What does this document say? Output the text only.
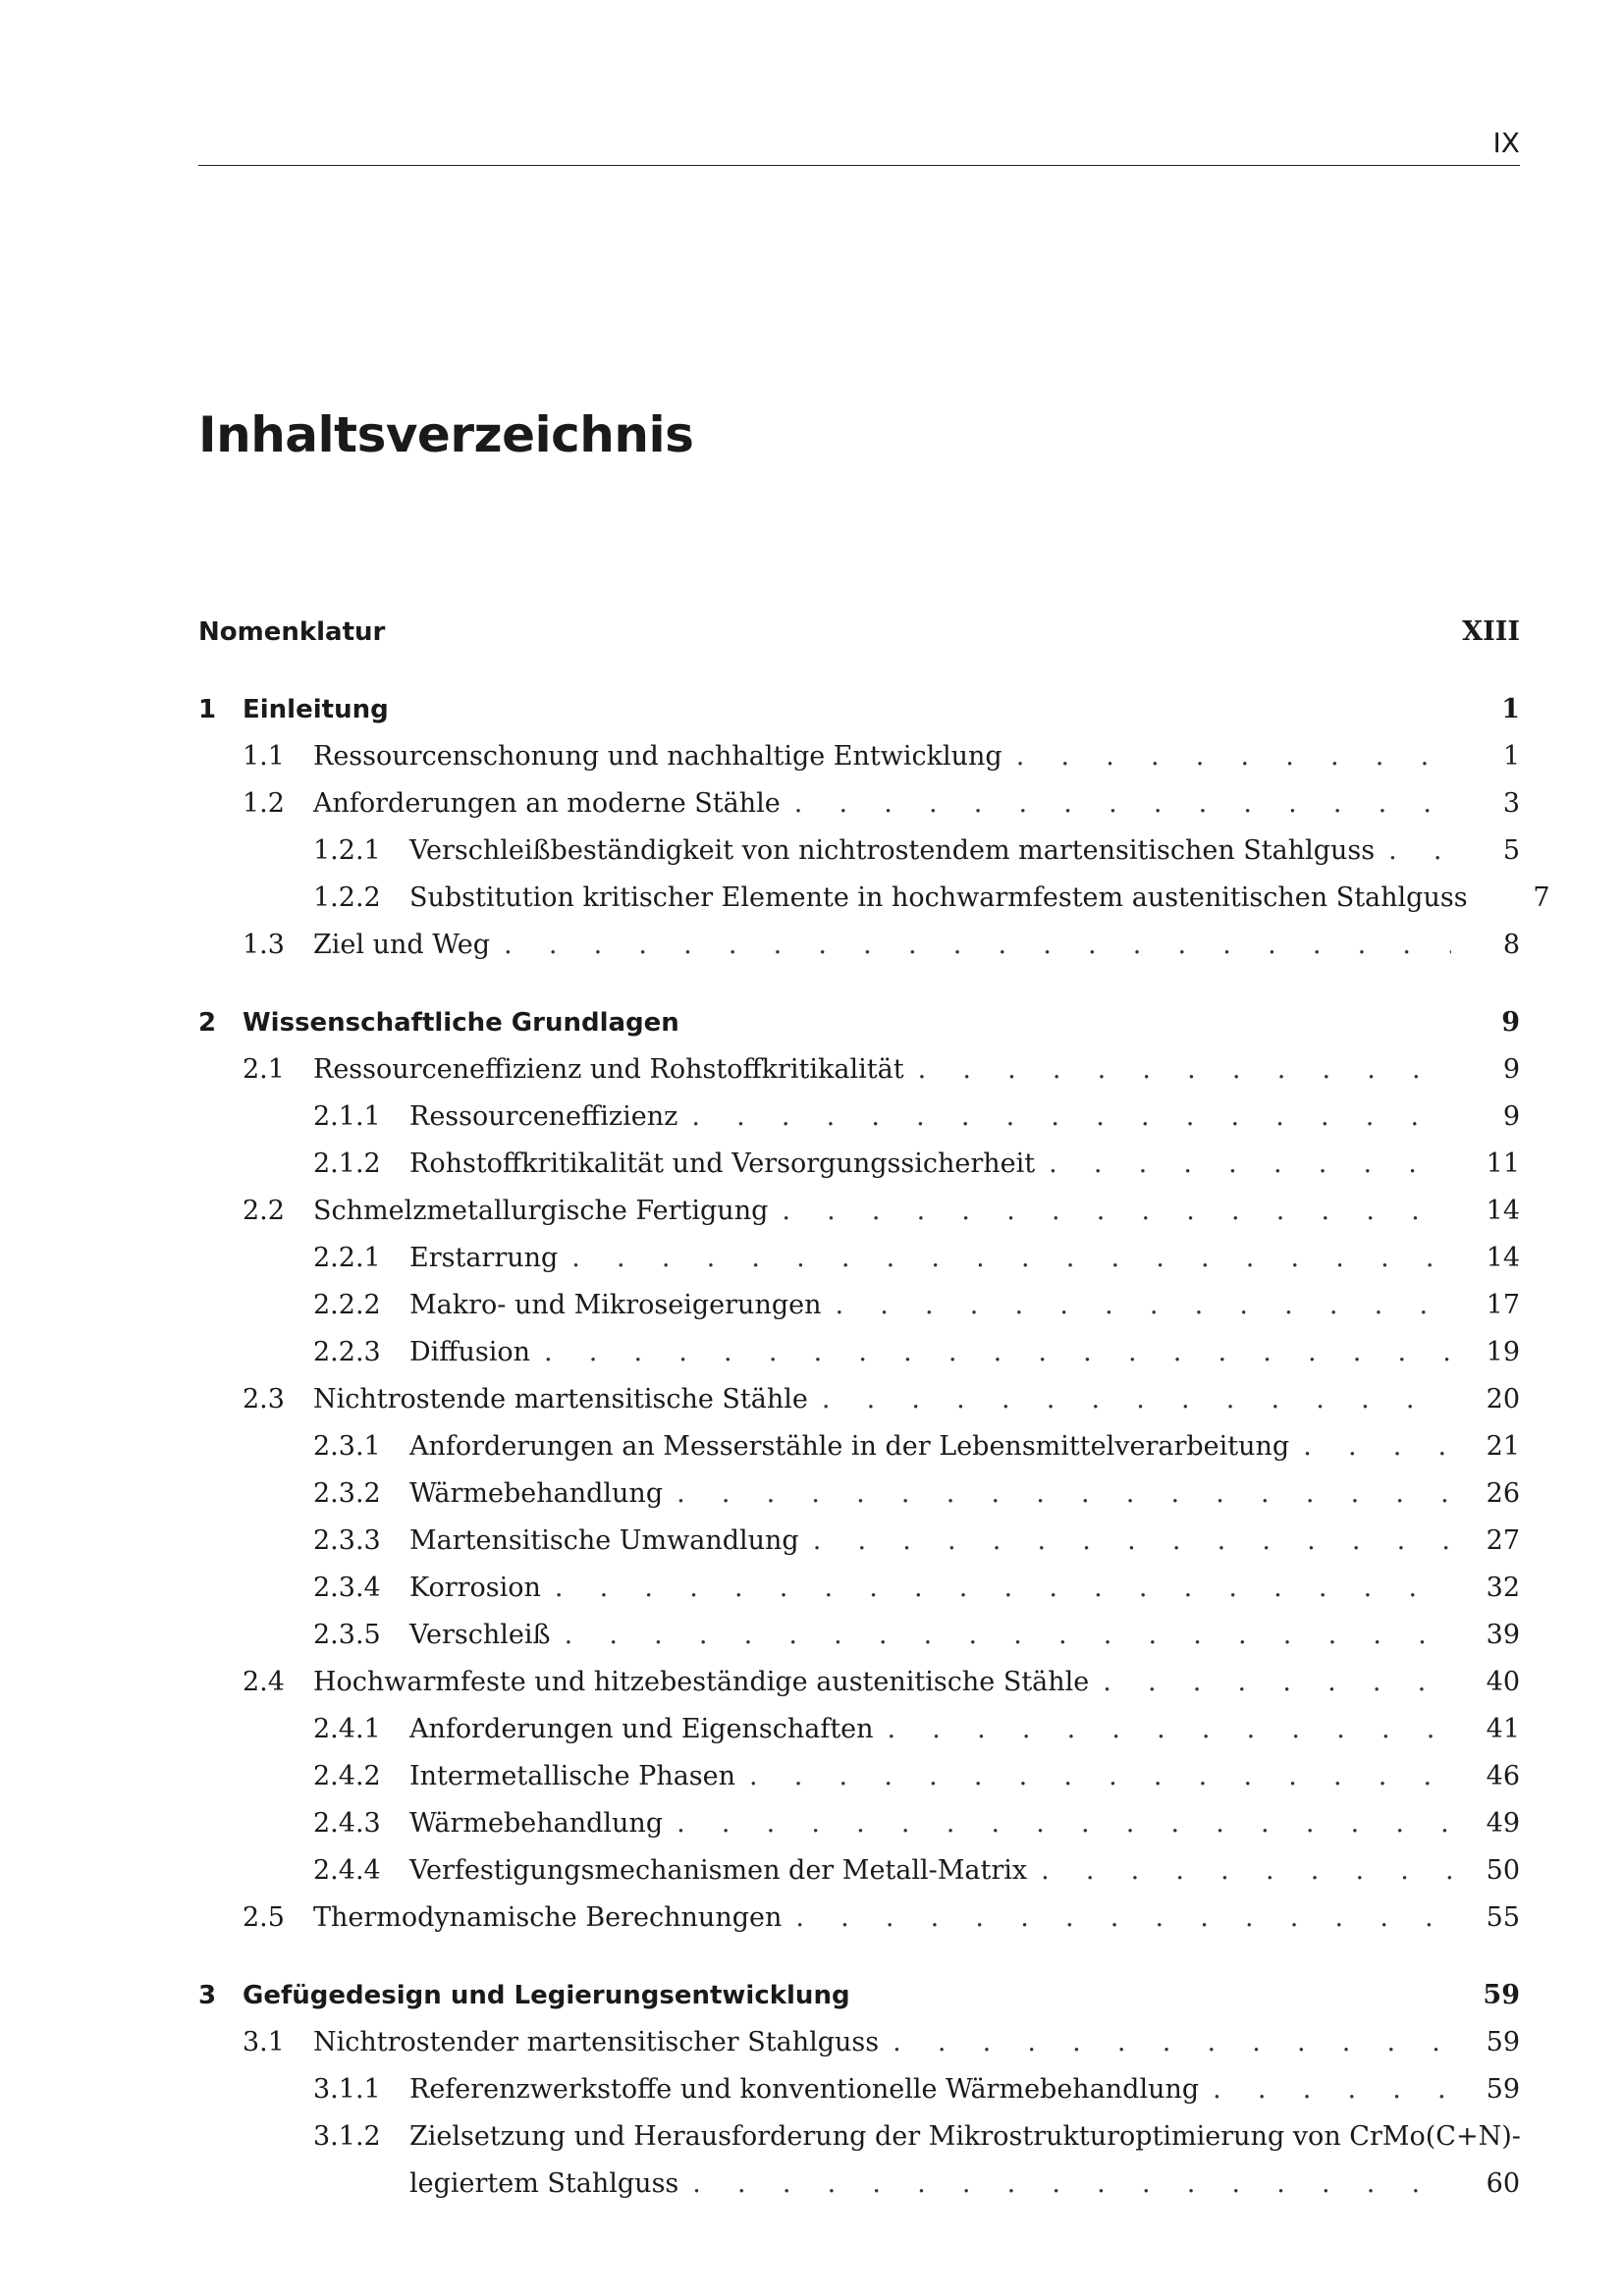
IX
Inhaltsverzeichnis
Nomenklatur	XIII
1	Einleitung	1
1.1	Ressourcenschonung und nachhaltige Entwicklung . . .	1
1.2	Anforderungen an moderne Stähle . . .	3
1.2.1	Verschleißbeständigkeit von nichtrostendem martensitischen Stahlguss . . .	5
1.2.2	Substitution kritischer Elemente in hochwarmfestem austenitischen Stahlguss	7
1.3	Ziel und Weg . . .	8
2	Wissenschaftliche Grundlagen	9
2.1	Ressourceneffizienz und Rohstoffkritikalität . . .	9
2.1.1	Ressourceneffizienz . . .	9
2.1.2	Rohstoffkritikalität und Versorgungssicherheit . . .	11
2.2	Schmelzmetallurgische Fertigung . . .	14
2.2.1	Erstarrung . . .	14
2.2.2	Makro- und Mikroseigerungen . . .	17
2.2.3	Diffusion . . .	19
2.3	Nichtrostende martensitische Stähle . . .	20
2.3.1	Anforderungen an Messerstähle in der Lebensmittelverarbeitung . . .	21
2.3.2	Wärmebehandlung . . .	26
2.3.3	Martensitische Umwandlung . . .	27
2.3.4	Korrosion . . .	32
2.3.5	Verschleiß . . .	39
2.4	Hochwarmfeste und hitzebeständige austenitische Stähle . . .	40
2.4.1	Anforderungen und Eigenschaften . . .	41
2.4.2	Intermetallische Phasen . . .	46
2.4.3	Wärmebehandlung . . .	49
2.4.4	Verfestigungsmechanismen der Metall-Matrix . . .	50
2.5	Thermodynamische Berechnungen . . .	55
3	Gefügedesign und Legierungsentwicklung	59
3.1	Nichtrostender martensitischer Stahlguss . . .	59
3.1.1	Referenzwerkstoffe und konventionelle Wärmebehandlung . . .	59
3.1.2	Zielsetzung und Herausforderung der Mikrostrukturoptimierung von CrMo(C+N)-
legiertem Stahlguss . . .	60
